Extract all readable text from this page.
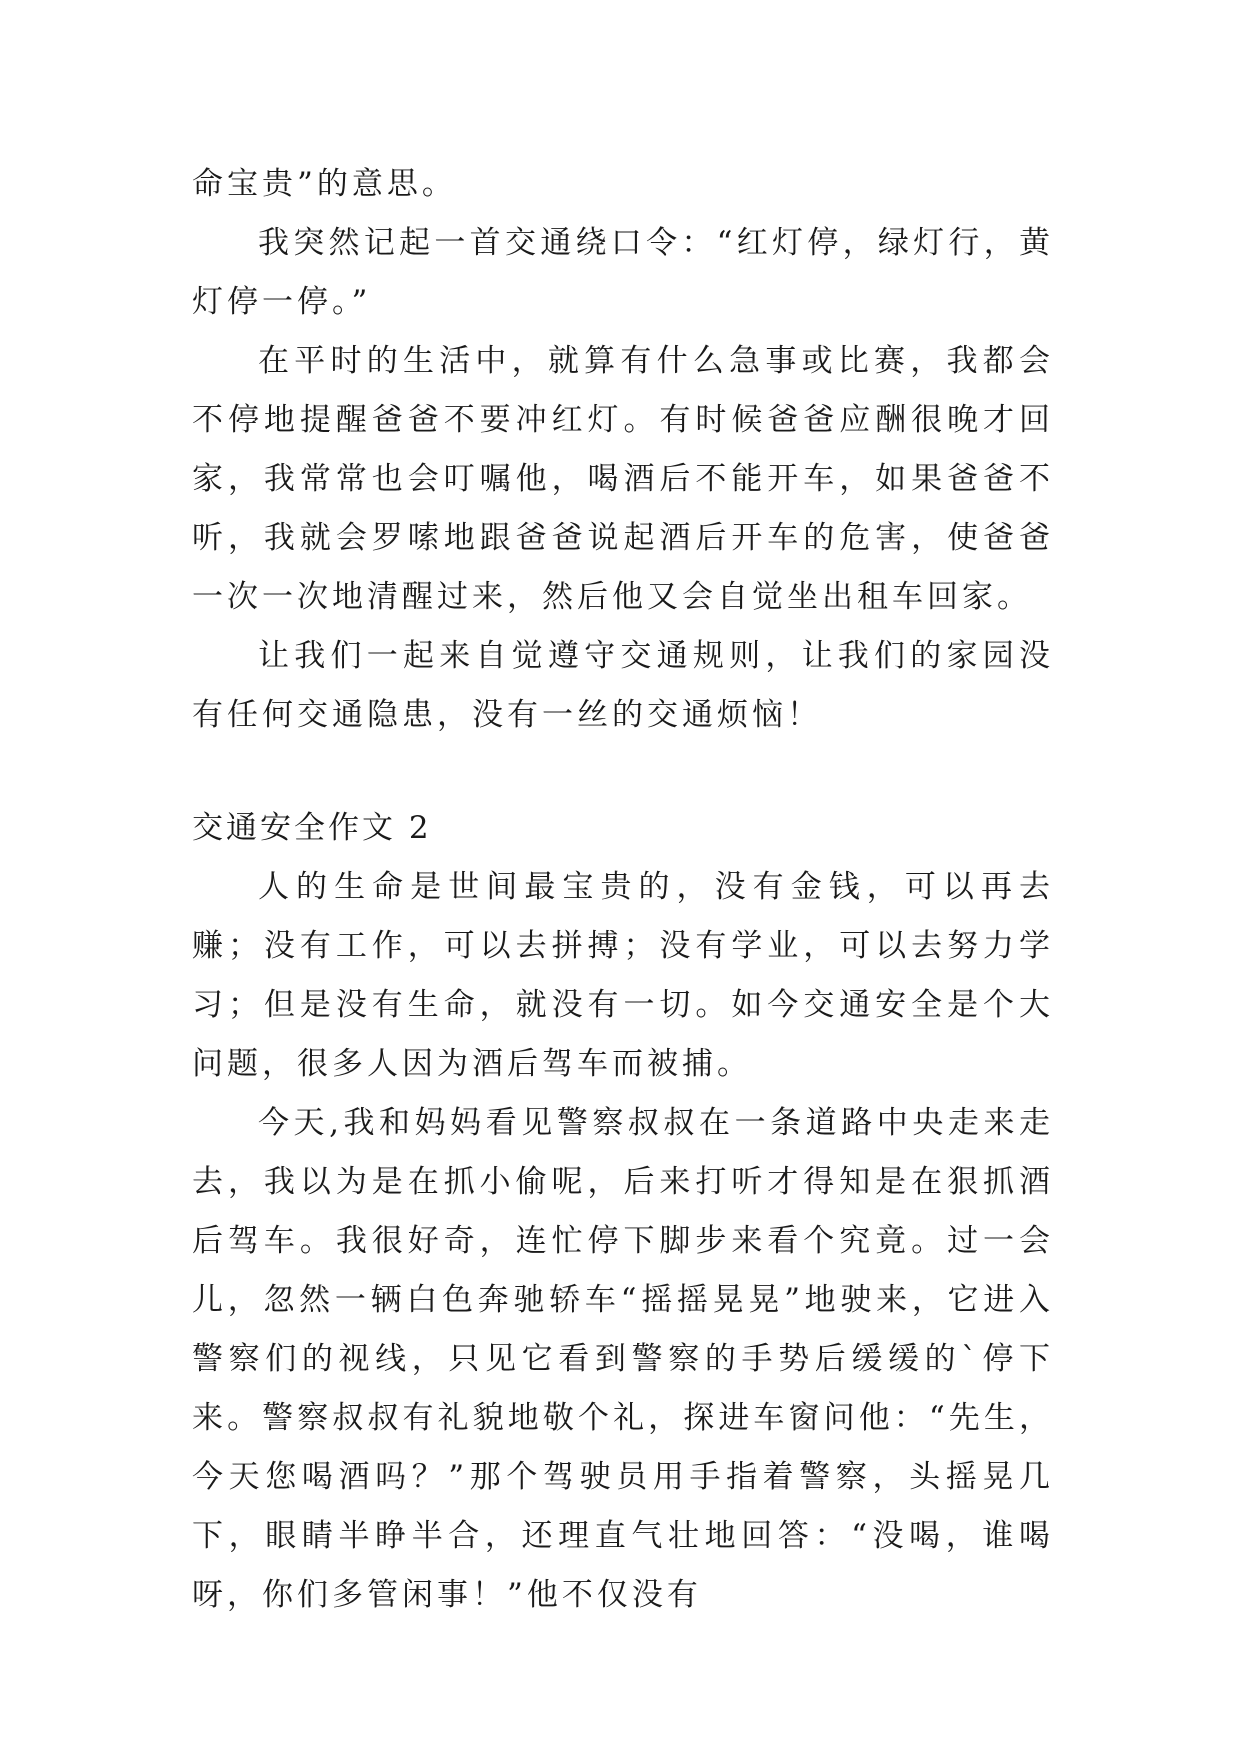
命宝贵”的意思。

我突然记起一首交通绕口令：“红灯停，绿灯行，黄灯停一停。”

在平时的生活中，就算有什么急事或比赛，我都会不停地提醒爸爸不要冲红灯。有时候爸爸应酬很晚才回家，我常常也会叮嘱他，喝酒后不能开车，如果爸爸不听，我就会罗嗦地跟爸爸说起酒后开车的危害，使爸爸一次一次地清醒过来，然后他又会自觉坐出租车回家。

让我们一起来自觉遵守交通规则，让我们的家园没有任何交通隐患，没有一丝的交通烦恼！

交通安全作文 2

人的生命是世间最宝贵的，没有金钱，可以再去赚；没有工作，可以去拼搏；没有学业，可以去努力学习；但是没有生命，就没有一切。如今交通安全是个大问题，很多人因为酒后驾车而被捕。

今天,我和妈妈看见警察叔叔在一条道路中央走来走去，我以为是在抓小偷呢，后来打听才得知是在狠抓酒后驾车。我很好奇，连忙停下脚步来看个究竟。过一会儿，忽然一辆白色奔驰轿车“摇摇晃晃”地驶来，它进入警察们的视线，只见它看到警察的手势后缓缓的`停下来。警察叔叔有礼貌地敬个礼，探进车窗问他：“先生，今天您喝酒吗？”那个驾驶员用手指着警察，头摇晃几下，眼睛半睁半合，还理直气壮地回答：“没喝，谁喝呀，你们多管闲事！”他不仅没有
